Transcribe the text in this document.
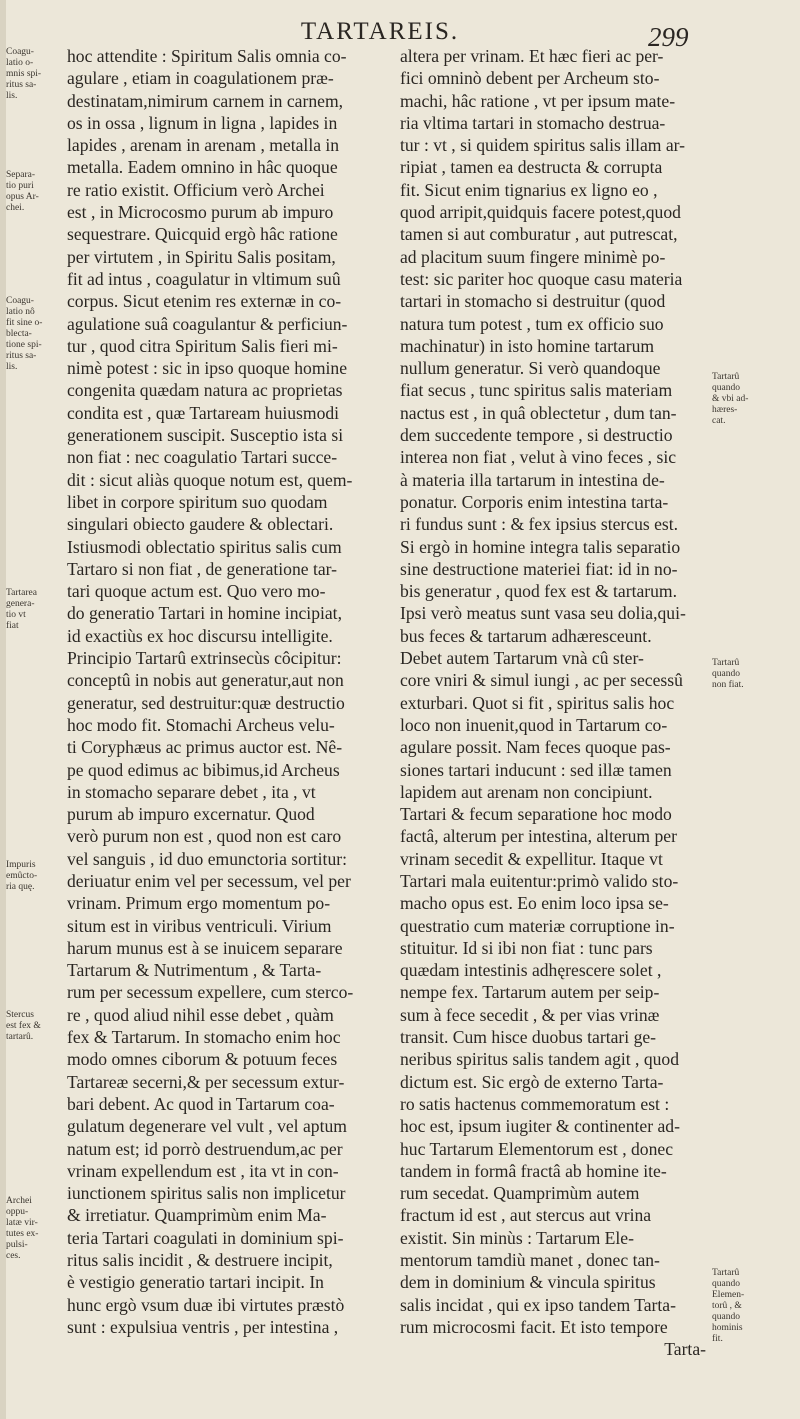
TARTAREIS.	299
hoc attendite : Spiritum Salis omnia co-
agulare , etiam in coagulationem præ-
destinatam,nimirum carnem in carnem,
os in ossa , lignum in ligna , lapides in
lapides , arenam in arenam , metalla in
metalla. Eadem omnino in hâc quoque
re ratio existit. Officium verò Archei
est , in Microcosmo purum ab impuro
sequestrare. Quicquid ergò hâc ratione
per virtutem , in Spiritu Salis positam,
fit ad intus , coagulatur in vltimum suû
corpus. Sicut etenim res externæ in co-
agulatione suâ coagulantur & perficiun-
tur , quod citra Spiritum Salis fieri mi-
nimè potest : sic in ipso quoque homine
congenita quædam natura ac proprietas
condita est , quæ Tartaream huiusmodi
generationem suscipit. Susceptio ista si
non fiat : nec coagulatio Tartari succe-
dit : sicut aliàs quoque notum est, quem-
libet in corpore spiritum suo quodam
singulari obiecto gaudere & oblectari.
Istiusmodi oblectatio spiritus salis cum
Tartaro si non fiat , de generatione tar-
tari quoque actum est. Quo vero mo-
do generatio Tartari in homine incipiat,
id exactiùs ex hoc discursu intelligite.
Principio Tartarû extrinsecùs côcipitur:
conceptû in nobis aut generatur,aut non
generatur, sed destruitur:quæ destructio
hoc modo fit. Stomachi Archeus velu-
ti Coryphæus ac primus auctor est. Nê-
pe quod edimus ac bibimus,id Archeus
in stomacho separare debet , ita , vt
purum ab impuro excernatur. Quod
verò purum non est , quod non est caro
vel sanguis , id duo emunctoria sortitur:
deriuatur enim vel per secessum, vel per
vrinam. Primum ergo momentum po-
situm est in viribus ventriculi. Virium
harum munus est à se inuicem separare
Tartarum & Nutrimentum , & Tarta-
rum per secessum expellere, cum sterco-
re , quod aliud nihil esse debet , quàm
fex & Tartarum. In stomacho enim hoc
modo omnes ciborum & potuum feces
Tartareæ secerni,& per secessum extur-
bari debent. Ac quod in Tartarum coa-
gulatum degenerare vel vult , vel aptum
natum est; id porrò destruendum,ac per
vrinam expellendum est , ita vt in con-
iunctionem spiritus salis non implicetur
& irretiatur. Quamprimùm enim Ma-
teria Tartari coagulati in dominium spi-
ritus salis incidit , & destruere incipit,
è vestigio generatio tartari incipit. In
hunc ergò vsum duæ ibi virtutes præstò
sunt : expulsiua ventris , per intestina ,
altera per vrinam. Et hæc fieri ac per-
fici omninò debent per Archeum sto-
machi, hâc ratione , vt per ipsum mate-
ria vltima tartari in stomacho destrua-
tur : vt , si quidem spiritus salis illam ar-
ripiat , tamen ea destructa & corrupta
fit. Sicut enim tignarius ex ligno eo ,
quod arripit,quidquis facere potest,quod
tamen si aut comburatur , aut putrescat,
ad placitum suum fingere minimè po-
test: sic pariter hoc quoque casu materia
tartari in stomacho si destruitur (quod
natura tum potest , tum ex officio suo
machinatur) in isto homine tartarum
nullum generatur. Si verò quandoque
fiat secus , tunc spiritus salis materiam
nactus est , in quâ oblectetur , dum tan-
dem succedente tempore , si destructio
interea non fiat , velut à vino feces , sic
à materia illa tartarum in intestina de-
ponatur. Corporis enim intestina tarta-
ri fundus sunt : & fex ipsius stercus est.
Si ergò in homine integra talis separatio
sine destructione materiei fiat: id in no-
bis generatur , quod fex est & tartarum.
Ipsi verò meatus sunt vasa seu dolia,qui-
bus feces & tartarum adhæresceunt.
Debet autem Tartarum vnà cû ster-
core vniri & simul iungi , ac per secessû
exturbari. Quot si fit , spiritus salis hoc
loco non inuenit,quod in Tartarum co-
agulare possit. Nam feces quoque pas-
siones tartari inducunt : sed illæ tamen
lapidem aut arenam non concipiunt.
Tartari & fecum separatione hoc modo
factâ, alterum per intestina, alterum per
vrinam secedit & expellitur. Itaque vt
Tartari mala euitentur:primò valido sto-
macho opus est. Eo enim loco ipsa se-
questratio cum materiæ corruptione in-
stituitur. Id si ibi non fiat : tunc pars
quædam intestinis adhęrescere solet ,
nempe fex. Tartarum autem per seip-
sum à fece secedit , & per vias vrinæ
transit. Cum hisce duobus tartari ge-
neribus spiritus salis tandem agit , quod
dictum est. Sic ergò de externo Tarta-
ro satis hactenus commemoratum est :
hoc est, ipsum iugiter & continenter ad-
huc Tartarum Elementorum est , donec
tandem in formâ fractâ ab homine ite-
rum secedat. Quamprimùm autem
fractum id est , aut stercus aut vrina
existit. Sin minùs : Tartarum Ele-
mentorum tamdiù manet , donec tan-
dem in dominium & vincula spiritus
salis incidat , qui ex ipso tandem Tarta-
rum microcosmi facit. Et isto tempore
Tarta-
Coagu-
latio o-
mnis spi-
ritus sa-
lis.
Separa-
tio puri
opus Ar-
chei.
Coagu-
latio nô
fit sine o-
blecta-
tione spi-
ritus sa-
lis.
Tartarea
genera-
tio vt
fiat
Impuris
emûcto-
ria quę.
Stercus
est fex &
tartarû.
Archei
oppu-
latæ vir-
tutes ex-
pulsi-
ces.
Tartarû
quando
& vbi ad-
hæres-
cat.
Tartarû
quando
non fiat.
Tartarû
quando
Elemen-
torû , &
quando
hominis
fit.
